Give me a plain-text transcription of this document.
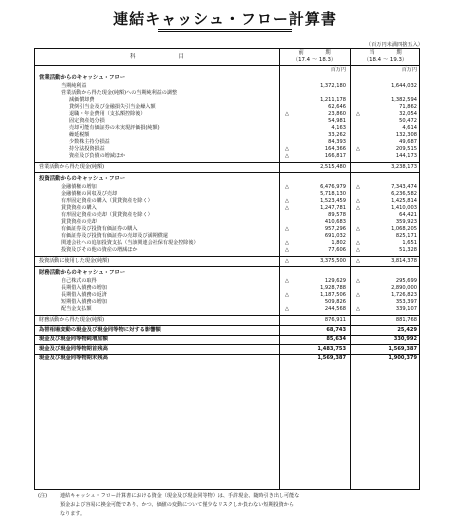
連結キャッシュ・フロー計算書
（百万円未満四捨五入）
科　　　　　　　　目
前　　　　期
（17.4 ～ 18.3）
当　　　　期
（18.4 ～ 19.3）
百万円	百万円
営業活動からのキャッシュ・フロー
当期純利益	1,372,180	1,644,032
営業活動から得た現金(純額)への当期純利益の調整
減価償却費	1,211,178	1,382,594
貸倒引当金及び金融損失引当金繰入額	62,646	71,862
退職・年金費用（支払額控除後）	△	23,860 △	32,054
固定資産処分損	54,981	50,472
売却可能有価証券の未実現評価損(純額)	4,163	4,614
繰延税額	33,262	132,308
少数株主持分損益	84,393	49,687
持分法投資損益	△	164,366 △	209,515
資産及び負債の増減ほか	△	166,817	144,173
営業活動から得た現金(純額)	2,515,480	3,238,173
投資活動からのキャッシュ・フロー
金融債権の増加	△	6,476,979 △	7,343,474
金融債権の回収及び売却	5,718,130	6,236,582
有形固定資産の購入（賃貸資産を除く）	△	1,523,459 △	1,425,814
賃貸資産の購入	△	1,247,781 △	1,410,003
有形固定資産の売却（賃貸資産を除く）	89,578	64,421
賃貸資産の売却	410,683	359,923
有価証券及び投資有価証券の購入	△	957,296 △	1,068,205
有価証券及び投資有価証券の売却及び満期償還	691,032	825,171
関連会社への追加投資支払（当該関連会社保有現金控除後）	△	1,802 △	1,651
投資及びその他の資産の増減ほか	△	77,606 △	51,328
投資活動に使用した現金(純額)	△	3,375,500 △	3,814,378
財務活動からのキャッシュ・フロー
自己株式の取得	△	129,629 △	295,699
長期借入債務の増加	1,928,788	2,890,000
長期借入債務の返済	△	1,187,506 △	1,726,823
短期借入債務の増加	509,826	353,397
配当金支払額	△	244,568 △	339,107
財務活動から得た現金(純額)	876,911	881,768
為替相場変動の現金及び現金同等物に対する影響額	68,743	25,429
現金及び現金同等物純増加額	85,634	330,992
現金及び現金同等物期首残高	1,483,753	1,569,387
現金及び現金同等物期末残高	1,569,387	1,900,379
(注)	連結キャッシュ・フロー計算書における資金（現金及び現金同等物）は、手許現金、随時引き出し可能な
預金および容易に換金可能であり、かつ、価値の変動について僅少なリスクしか負わない短期投資から
なります。
